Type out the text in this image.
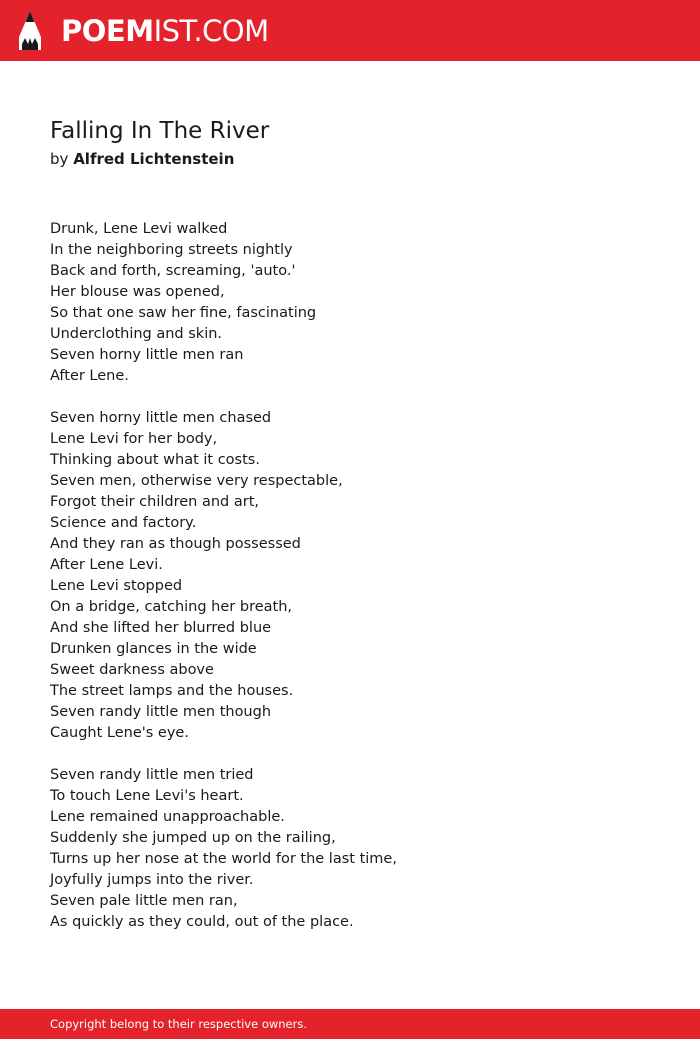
POEMIST.COM
Falling In The River
by Alfred Lichtenstein
Drunk, Lene Levi walked
In the neighboring streets nightly
Back and forth, screaming, 'auto.'
Her blouse was opened,
So that one saw her fine, fascinating
Underclothing and skin.
Seven horny little men ran
After Lene.
Seven horny little men chased
Lene Levi for her body,
Thinking about what it costs.
Seven men, otherwise very respectable,
Forgot their children and art,
Science and factory.
And they ran as though possessed
After Lene Levi.
Lene Levi stopped
On a bridge, catching her breath,
And she lifted her blurred blue
Drunken glances in the wide
Sweet darkness above
The street lamps and the houses.
Seven randy little men though
Caught Lene's eye.
Seven randy little men tried
To touch Lene Levi's heart.
Lene remained unapproachable.
Suddenly she jumped up on the railing,
Turns up her nose at the world for the last time,
Joyfully jumps into the river.
Seven pale little men ran,
As quickly as they could, out of the place.
Copyright belong to their respective owners.
